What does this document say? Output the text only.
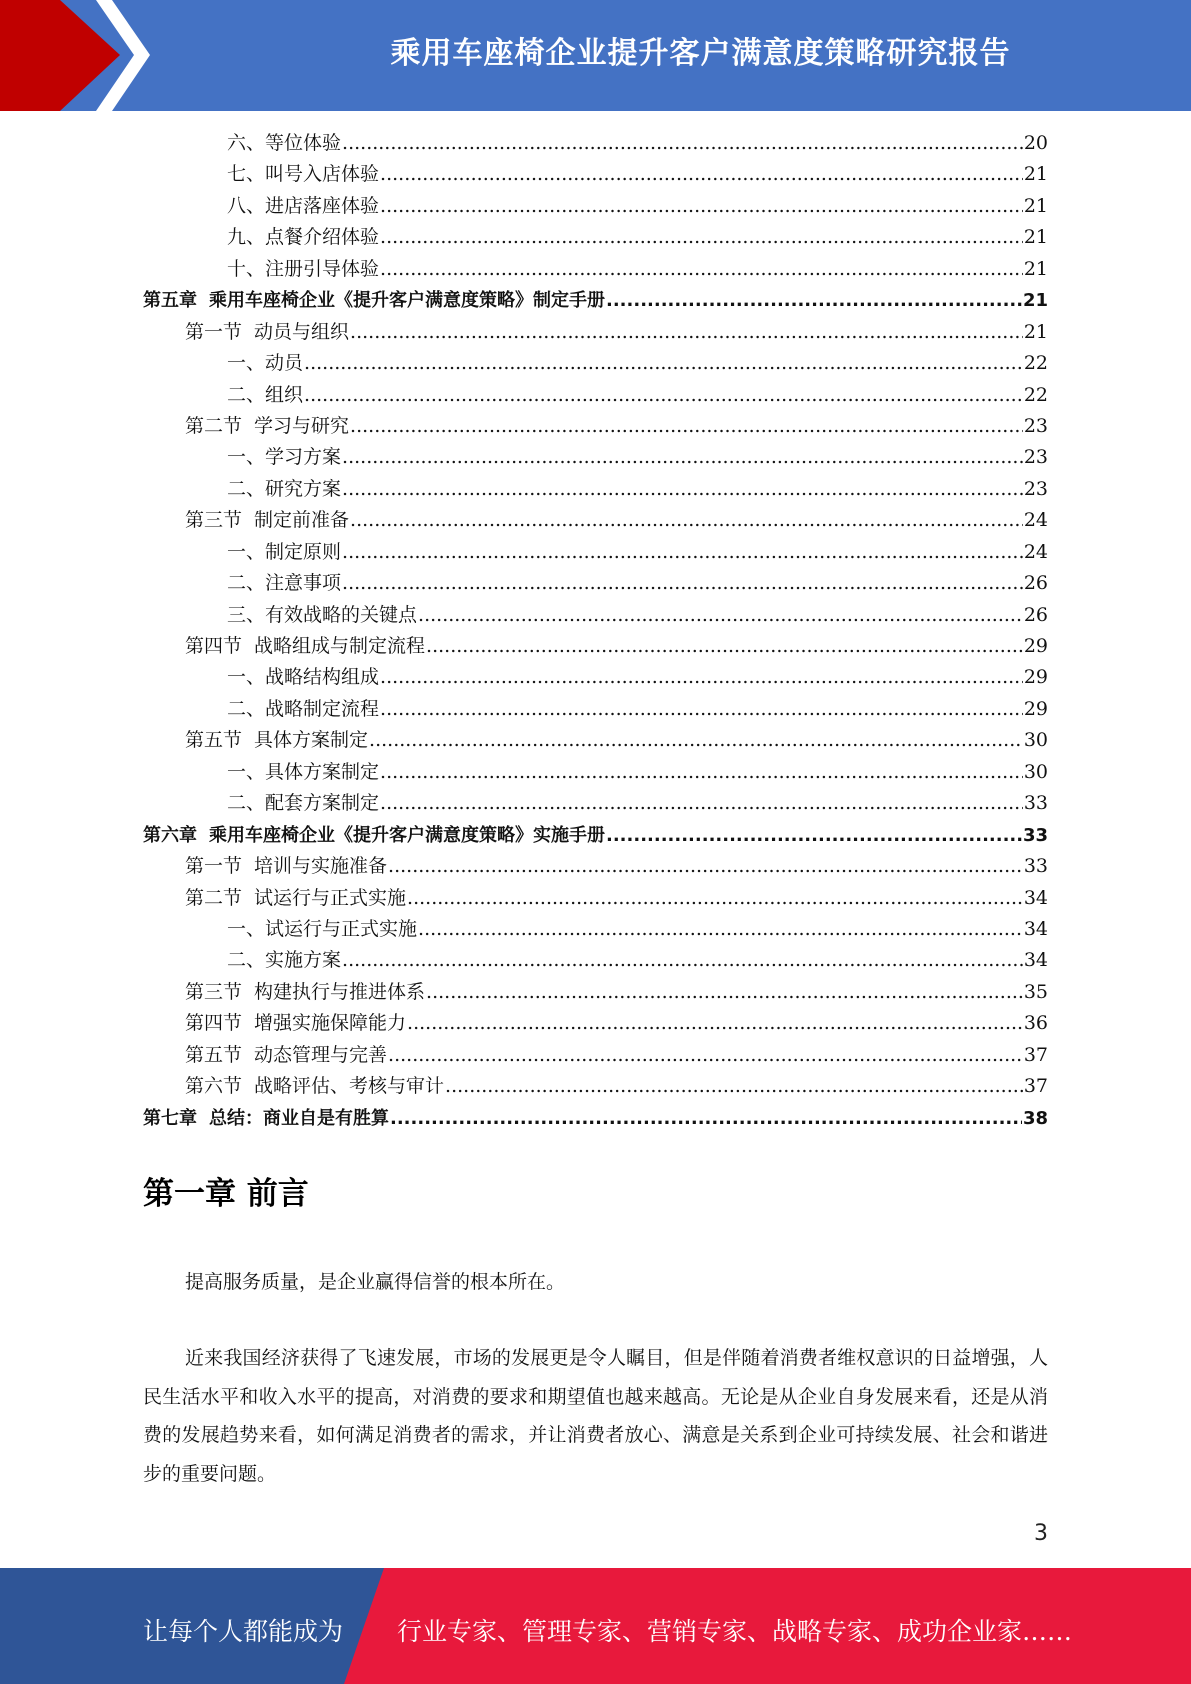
乘用车座椅企业提升客户满意度策略研究报告
六、等位体验 .....	20
七、叫号入店体验 .....	21
八、进店落座体验 .....	21
九、点餐介绍体验 .....	21
十、注册引导体验 .....	21
第五章 乘用车座椅企业《提升客户满意度策略》制定手册 .....	21
第一节 动员与组织 .....	21
一、动员 .....	22
二、组织 .....	22
第二节 学习与研究 .....	23
一、学习方案 .....	23
二、研究方案 .....	23
第三节 制定前准备 .....	24
一、制定原则 .....	24
二、注意事项 .....	26
三、有效战略的关键点 .....	26
第四节 战略组成与制定流程 .....	29
一、战略结构组成 .....	29
二、战略制定流程 .....	29
第五节 具体方案制定 .....	30
一、具体方案制定 .....	30
二、配套方案制定 .....	33
第六章 乘用车座椅企业《提升客户满意度策略》实施手册 .....	33
第一节 培训与实施准备 .....	33
第二节 试运行与正式实施 .....	34
一、试运行与正式实施 .....	34
二、实施方案 .....	34
第三节 构建执行与推进体系 .....	35
第四节 增强实施保障能力 .....	36
第五节 动态管理与完善 .....	37
第六节 战略评估、考核与审计 .....	37
第七章 总结：商业自是有胜算 .....	38
第一章 前言

提高服务质量，是企业赢得信誉的根本所在。

近来我国经济获得了飞速发展，市场的发展更是令人瞩目，但是伴随着消费者维权意识的日益增强，人民生活水平和收入水平的提高，对消费的要求和期望值也越来越高。无论是从企业自身发展来看，还是从消费的发展趋势来看，如何满足消费者的需求，并让消费者放心、满意是关系到企业可持续发展、社会和谐进步的重要问题。

3
让每个人都能成为 行业专家、管理专家、营销专家、战略专家、成功企业家……
